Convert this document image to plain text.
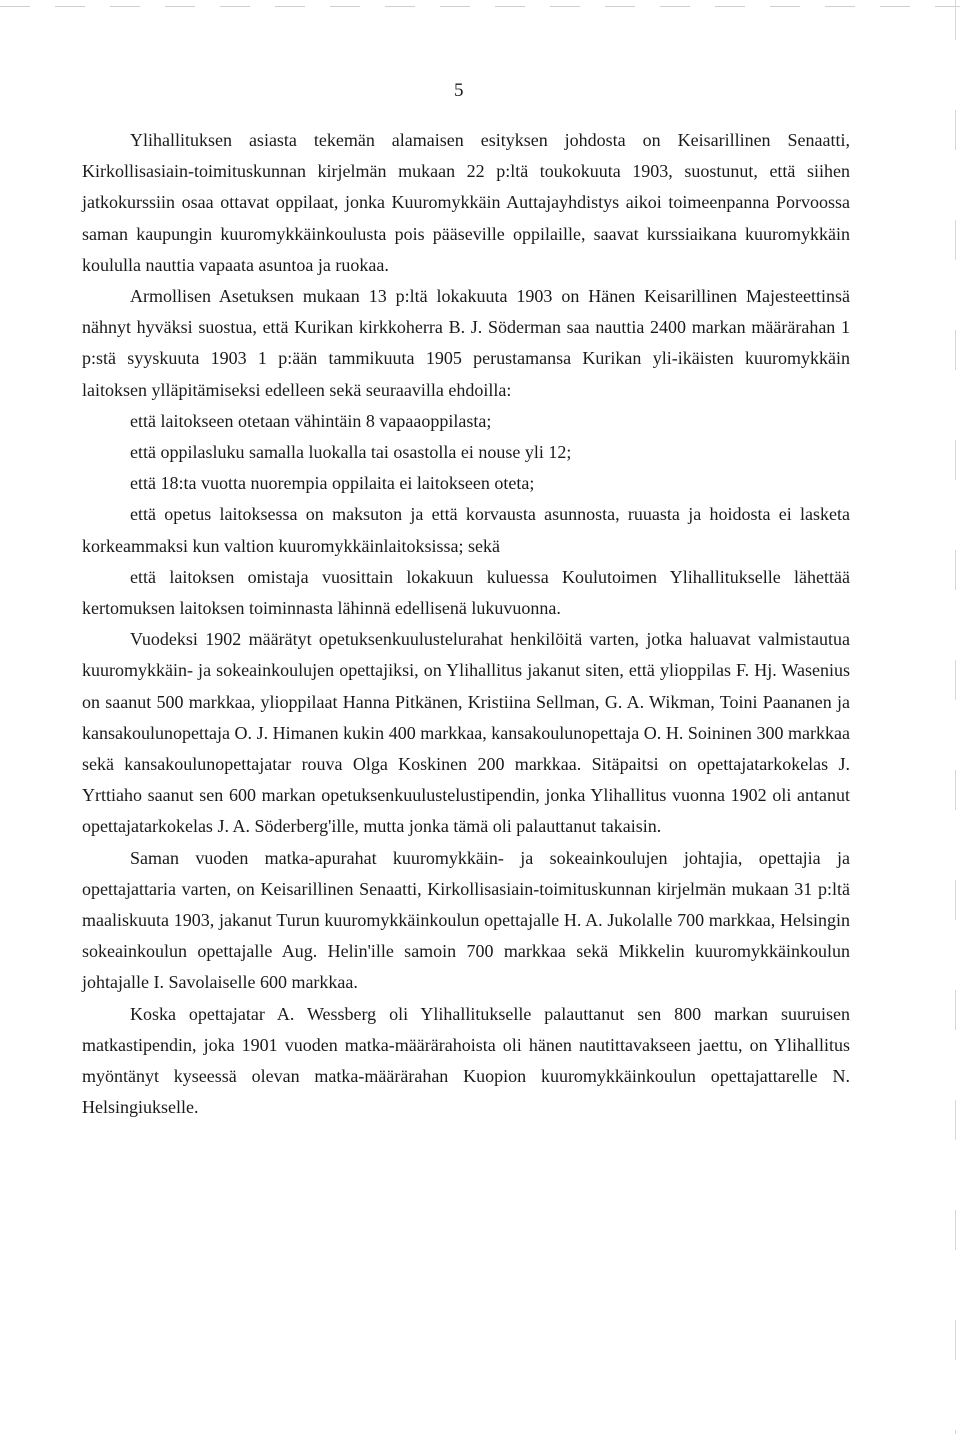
5

Ylihallituksen asiasta tekemän alamaisen esityksen johdosta on Keisarillinen Senaatti, Kirkollisasiain-toimituskunnan kirjelmän mukaan 22 p:ltä toukokuuta 1903, suostunut, että siihen jatkokurssiin osaa ottavat oppilaat, jonka Kuuromykkäin Auttajayhdistys aikoi toimeenpanna Porvoossa saman kaupungin kuuromykkäinkoulusta pois pääseville oppilaille, saavat kurssiaikana kuuromykkäin koululla nauttia vapaata asuntoa ja ruokaa.

Armollisen Asetuksen mukaan 13 p:ltä lokakuuta 1903 on Hänen Keisarillinen Majesteettinsä nähnyt hyväksi suostua, että Kurikan kirkkoherra B. J. Söderman saa nauttia 2400 markan määrärahan 1 p:stä syyskuuta 1903 1 p:ään tammikuuta 1905 perustamansa Kurikan yli-ikäisten kuuromykkäin laitoksen ylläpitämiseksi edelleen sekä seuraavilla ehdoilla:

että laitokseen otetaan vähintäin 8 vapaaoppilasta;

että oppilasluku samalla luokalla tai osastolla ei nouse yli 12;

että 18:ta vuotta nuorempia oppilaita ei laitokseen oteta;

että opetus laitoksessa on maksuton ja että korvausta asunnosta, ruuasta ja hoidosta ei lasketa korkeammaksi kun valtion kuuromykkäinlaitoksissa; sekä

että laitoksen omistaja vuosittain lokakuun kuluessa Koulutoimen Ylihallitukselle lähettää kertomuksen laitoksen toiminnasta lähinnä edellisenä lukuvuonna.

Vuodeksi 1902 määrätyt opetuksenkuulustelurahat henkilöitä varten, jotka haluavat valmistautua kuuromykkäin- ja sokeainkoulujen opettajiksi, on Ylihallitus jakanut siten, että ylioppilas F. Hj. Wasenius on saanut 500 markkaa, ylioppilaat Hanna Pitkänen, Kristiina Sellman, G. A. Wikman, Toini Paananen ja kansakoulunopettaja O. J. Himanen kukin 400 markkaa, kansakoulunopettaja O. H. Soininen 300 markkaa sekä kansakoulunopettajatar rouva Olga Koskinen 200 markkaa. Sitäpaitsi on opettajatarkokelas J. Yrttiaho saanut sen 600 markan opetuksenkuulustelustipendin, jonka Ylihallitus vuonna 1902 oli antanut opettajatarkokelas J. A. Söderberg'ille, mutta jonka tämä oli palauttanut takaisin.

Saman vuoden matka-apurahat kuuromykkäin- ja sokeainkoulujen johtajia, opettajia ja opettajattaria varten, on Keisarillinen Senaatti, Kirkollisasiain-toimituskunnan kirjelmän mukaan 31 p:ltä maaliskuuta 1903, jakanut Turun kuuromykkäinkoulun opettajalle H. A. Jukolalle 700 markkaa, Helsingin sokeainkoulun opettajalle Aug. Helin'ille samoin 700 markkaa sekä Mikkelin kuuromykkäinkoulun johtajalle I. Savolaiselle 600 markkaa.

Koska opettajatar A. Wessberg oli Ylihallitukselle palauttanut sen 800 markan suuruisen matkastipendin, joka 1901 vuoden matka-määrärahoista oli hänen nautittavakseen jaettu, on Ylihallitus myöntänyt kyseessä olevan matka-määrärahan Kuopion kuuromykkäinkoulun opettajattarelle N. Helsingiukselle.
